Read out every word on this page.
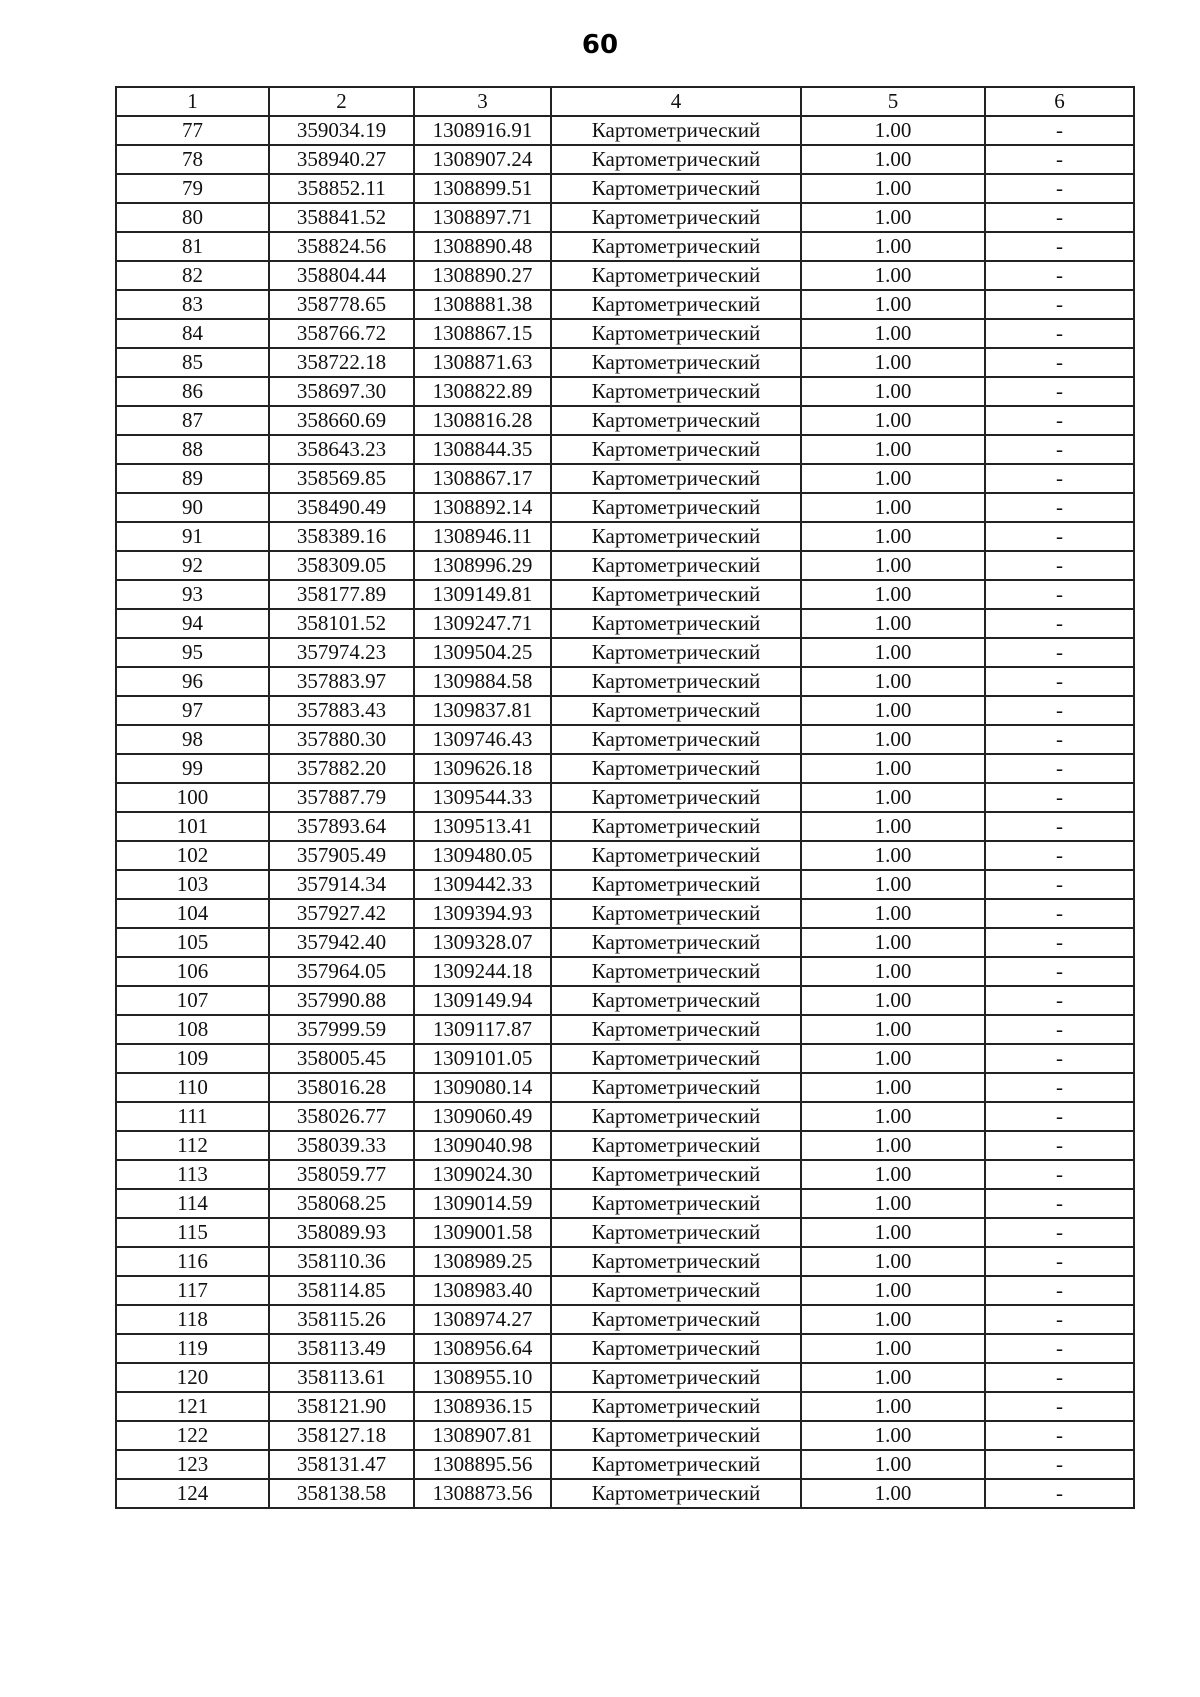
60
1	2	3	4	5	6
77	359034.19	1308916.91	Картометрический	1.00	-
78	358940.27	1308907.24	Картометрический	1.00	-
79	358852.11	1308899.51	Картометрический	1.00	-
80	358841.52	1308897.71	Картометрический	1.00	-
81	358824.56	1308890.48	Картометрический	1.00	-
82	358804.44	1308890.27	Картометрический	1.00	-
83	358778.65	1308881.38	Картометрический	1.00	-
84	358766.72	1308867.15	Картометрический	1.00	-
85	358722.18	1308871.63	Картометрический	1.00	-
86	358697.30	1308822.89	Картометрический	1.00	-
87	358660.69	1308816.28	Картометрический	1.00	-
88	358643.23	1308844.35	Картометрический	1.00	-
89	358569.85	1308867.17	Картометрический	1.00	-
90	358490.49	1308892.14	Картометрический	1.00	-
91	358389.16	1308946.11	Картометрический	1.00	-
92	358309.05	1308996.29	Картометрический	1.00	-
93	358177.89	1309149.81	Картометрический	1.00	-
94	358101.52	1309247.71	Картометрический	1.00	-
95	357974.23	1309504.25	Картометрический	1.00	-
96	357883.97	1309884.58	Картометрический	1.00	-
97	357883.43	1309837.81	Картометрический	1.00	-
98	357880.30	1309746.43	Картометрический	1.00	-
99	357882.20	1309626.18	Картометрический	1.00	-
100	357887.79	1309544.33	Картометрический	1.00	-
101	357893.64	1309513.41	Картометрический	1.00	-
102	357905.49	1309480.05	Картометрический	1.00	-
103	357914.34	1309442.33	Картометрический	1.00	-
104	357927.42	1309394.93	Картометрический	1.00	-
105	357942.40	1309328.07	Картометрический	1.00	-
106	357964.05	1309244.18	Картометрический	1.00	-
107	357990.88	1309149.94	Картометрический	1.00	-
108	357999.59	1309117.87	Картометрический	1.00	-
109	358005.45	1309101.05	Картометрический	1.00	-
110	358016.28	1309080.14	Картометрический	1.00	-
111	358026.77	1309060.49	Картометрический	1.00	-
112	358039.33	1309040.98	Картометрический	1.00	-
113	358059.77	1309024.30	Картометрический	1.00	-
114	358068.25	1309014.59	Картометрический	1.00	-
115	358089.93	1309001.58	Картометрический	1.00	-
116	358110.36	1308989.25	Картометрический	1.00	-
117	358114.85	1308983.40	Картометрический	1.00	-
118	358115.26	1308974.27	Картометрический	1.00	-
119	358113.49	1308956.64	Картометрический	1.00	-
120	358113.61	1308955.10	Картометрический	1.00	-
121	358121.90	1308936.15	Картометрический	1.00	-
122	358127.18	1308907.81	Картометрический	1.00	-
123	358131.47	1308895.56	Картометрический	1.00	-
124	358138.58	1308873.56	Картометрический	1.00	-
